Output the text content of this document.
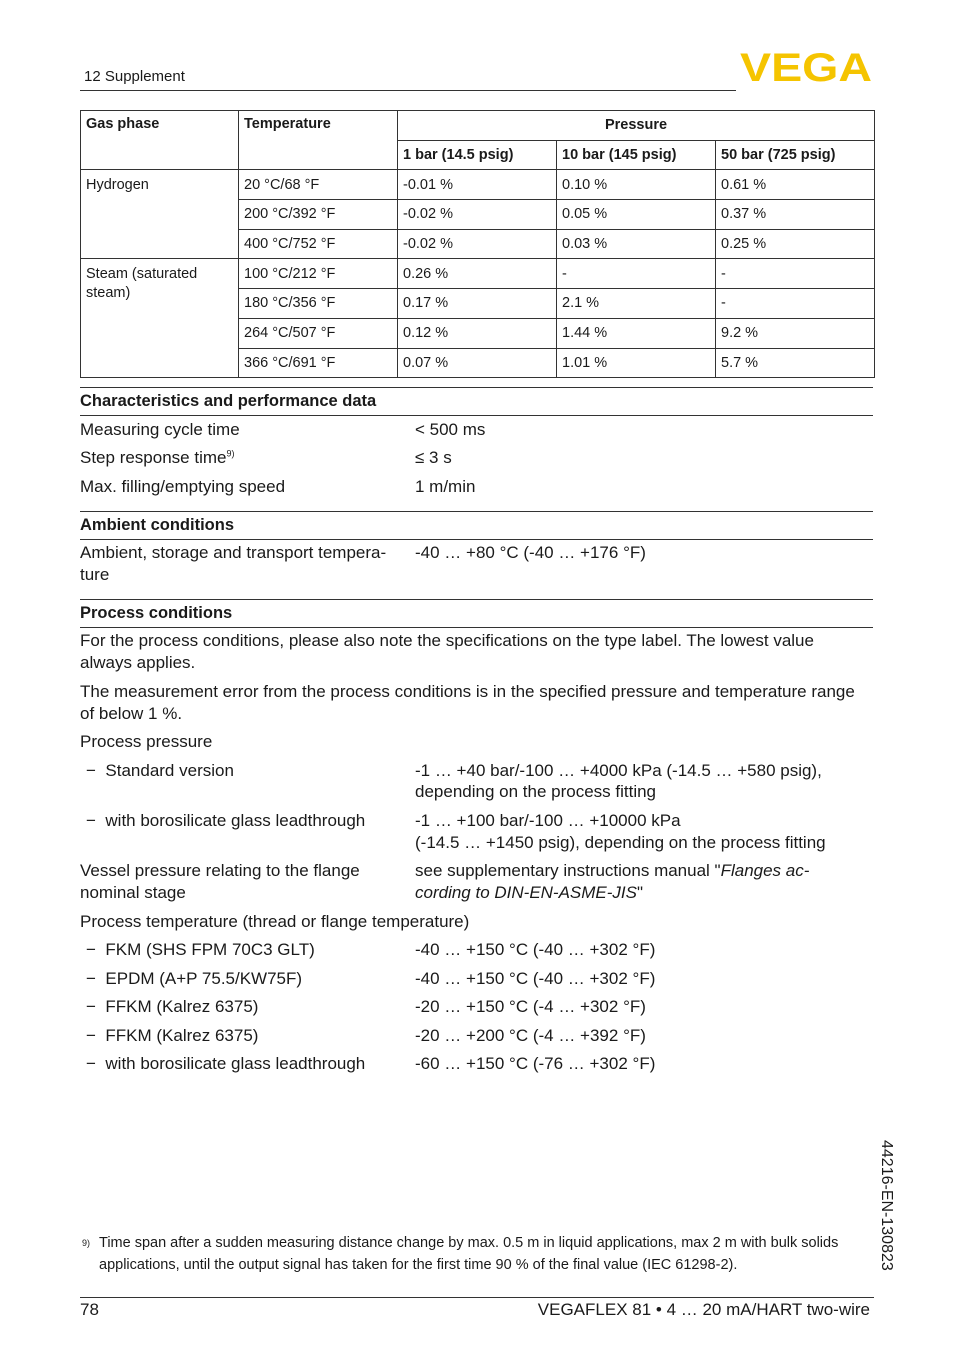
12 Supplement	VEGA
Gas phase	Temperature	Pressure		
		1 bar (14.5 psig)	10 bar (145 psig)	50 bar (725 psig)
Hydrogen	20 °C/68 °F	-0.01 %	0.10 %	0.61 %
	200 °C/392 °F	-0.02 %	0.05 %	0.37 %
	400 °C/752 °F	-0.02 %	0.03 %	0.25 %
Steam (saturated steam)	100 °C/212 °F	0.26 %	-	-
	180 °C/356 °F	0.17 %	2.1 %	-
	264 °C/507 °F	0.12 %	1.44 %	9.2 %
	366 °C/691 °F	0.07 %	1.01 %	5.7 %
Characteristics and performance data
Measuring cycle time	< 500 ms
Step response time$^{9)}$	≤ 3 s
Max. filling/emptying speed	1 m/min
Ambient conditions
Ambient, storage and transport tempera-
ture
-40 … +80 °C (-40 … +176 °F)
Process conditions
For the process conditions, please also note the specifications on the type label. The lowest value always applies.
The measurement error from the process conditions is in the specified pressure and temperature range of below 1 %.
Process pressure
− Standard version	-1 … +40 bar/-100 … +4000 kPa (-14.5 … +580 psig),
depending on the process fitting
− with borosilicate glass leadthrough	-1 … +100 bar/-100 … +10000 kPa
(-14.5 … +1450 psig), depending on the process fitting
Vessel pressure relating to the flange
nominal stage
see supplementary instructions manual "Flanges ac-
cording to DIN-EN-ASME-JIS"
Process temperature (thread or flange temperature)
− FKM (SHS FPM 70C3 GLT)	-40 … +150 °C (-40 … +302 °F)
− EPDM (A+P 75.5/KW75F)	-40 … +150 °C (-40 … +302 °F)
− FFKM (Kalrez 6375)	-20 … +150 °C (-4 … +302 °F)
− FFKM (Kalrez 6375)	-20 … +200 °C (-4 … +392 °F)
− with borosilicate glass leadthrough	-60 … +150 °C (-76 … +302 °F)
44216-EN-130823
9) Time span after a sudden measuring distance change by max. 0.5 m in liquid applications, max 2 m with bulk solids applications, until the output signal has taken for the first time 90 % of the final value (IEC 61298-2).
78	VEGAFLEX 81 • 4 … 20 mA/HART two-wire
